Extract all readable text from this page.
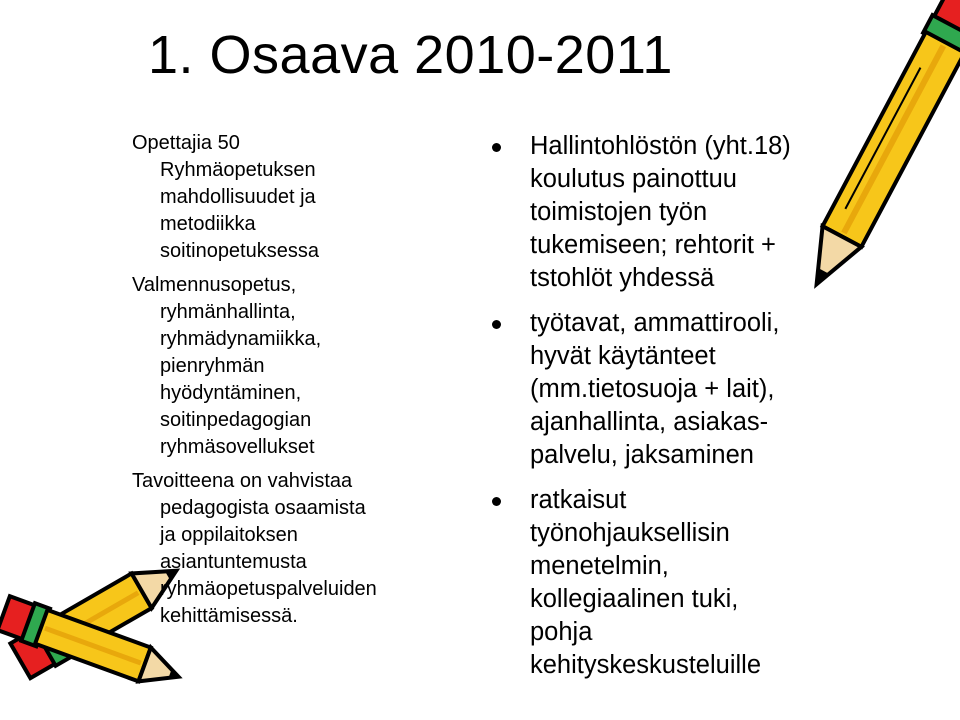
1. Osaava 2010-2011
Opettajia 50
Ryhmäopetuksen
mahdollisuudet ja
metodiikka
soitinopetuksessa
Valmennusopetus,
ryhmänhallinta,
ryhmädynamiikka,
pienryhmän
hyödyntäminen,
soitinpedagogian
ryhmäsovellukset
Tavoitteena on vahvistaa
pedagogista osaamista
ja oppilaitoksen
asiantuntemusta
ryhmäopetuspalveluiden
kehittämisessä.
Hallintohlöstön (yht.18)
koulutus painottuu
toimistojen työn
tukemiseen; rehtorit +
tstohlöt yhdessä
työtavat, ammattirooli,
hyvät käytänteet
(mm.tietosuoja + lait),
ajanhallinta, asiakas-
palvelu, jaksaminen
ratkaisut
työnohjauksellisin
menetelmin,
kollegiaalinen tuki,
pohja
kehityskeskusteluille
